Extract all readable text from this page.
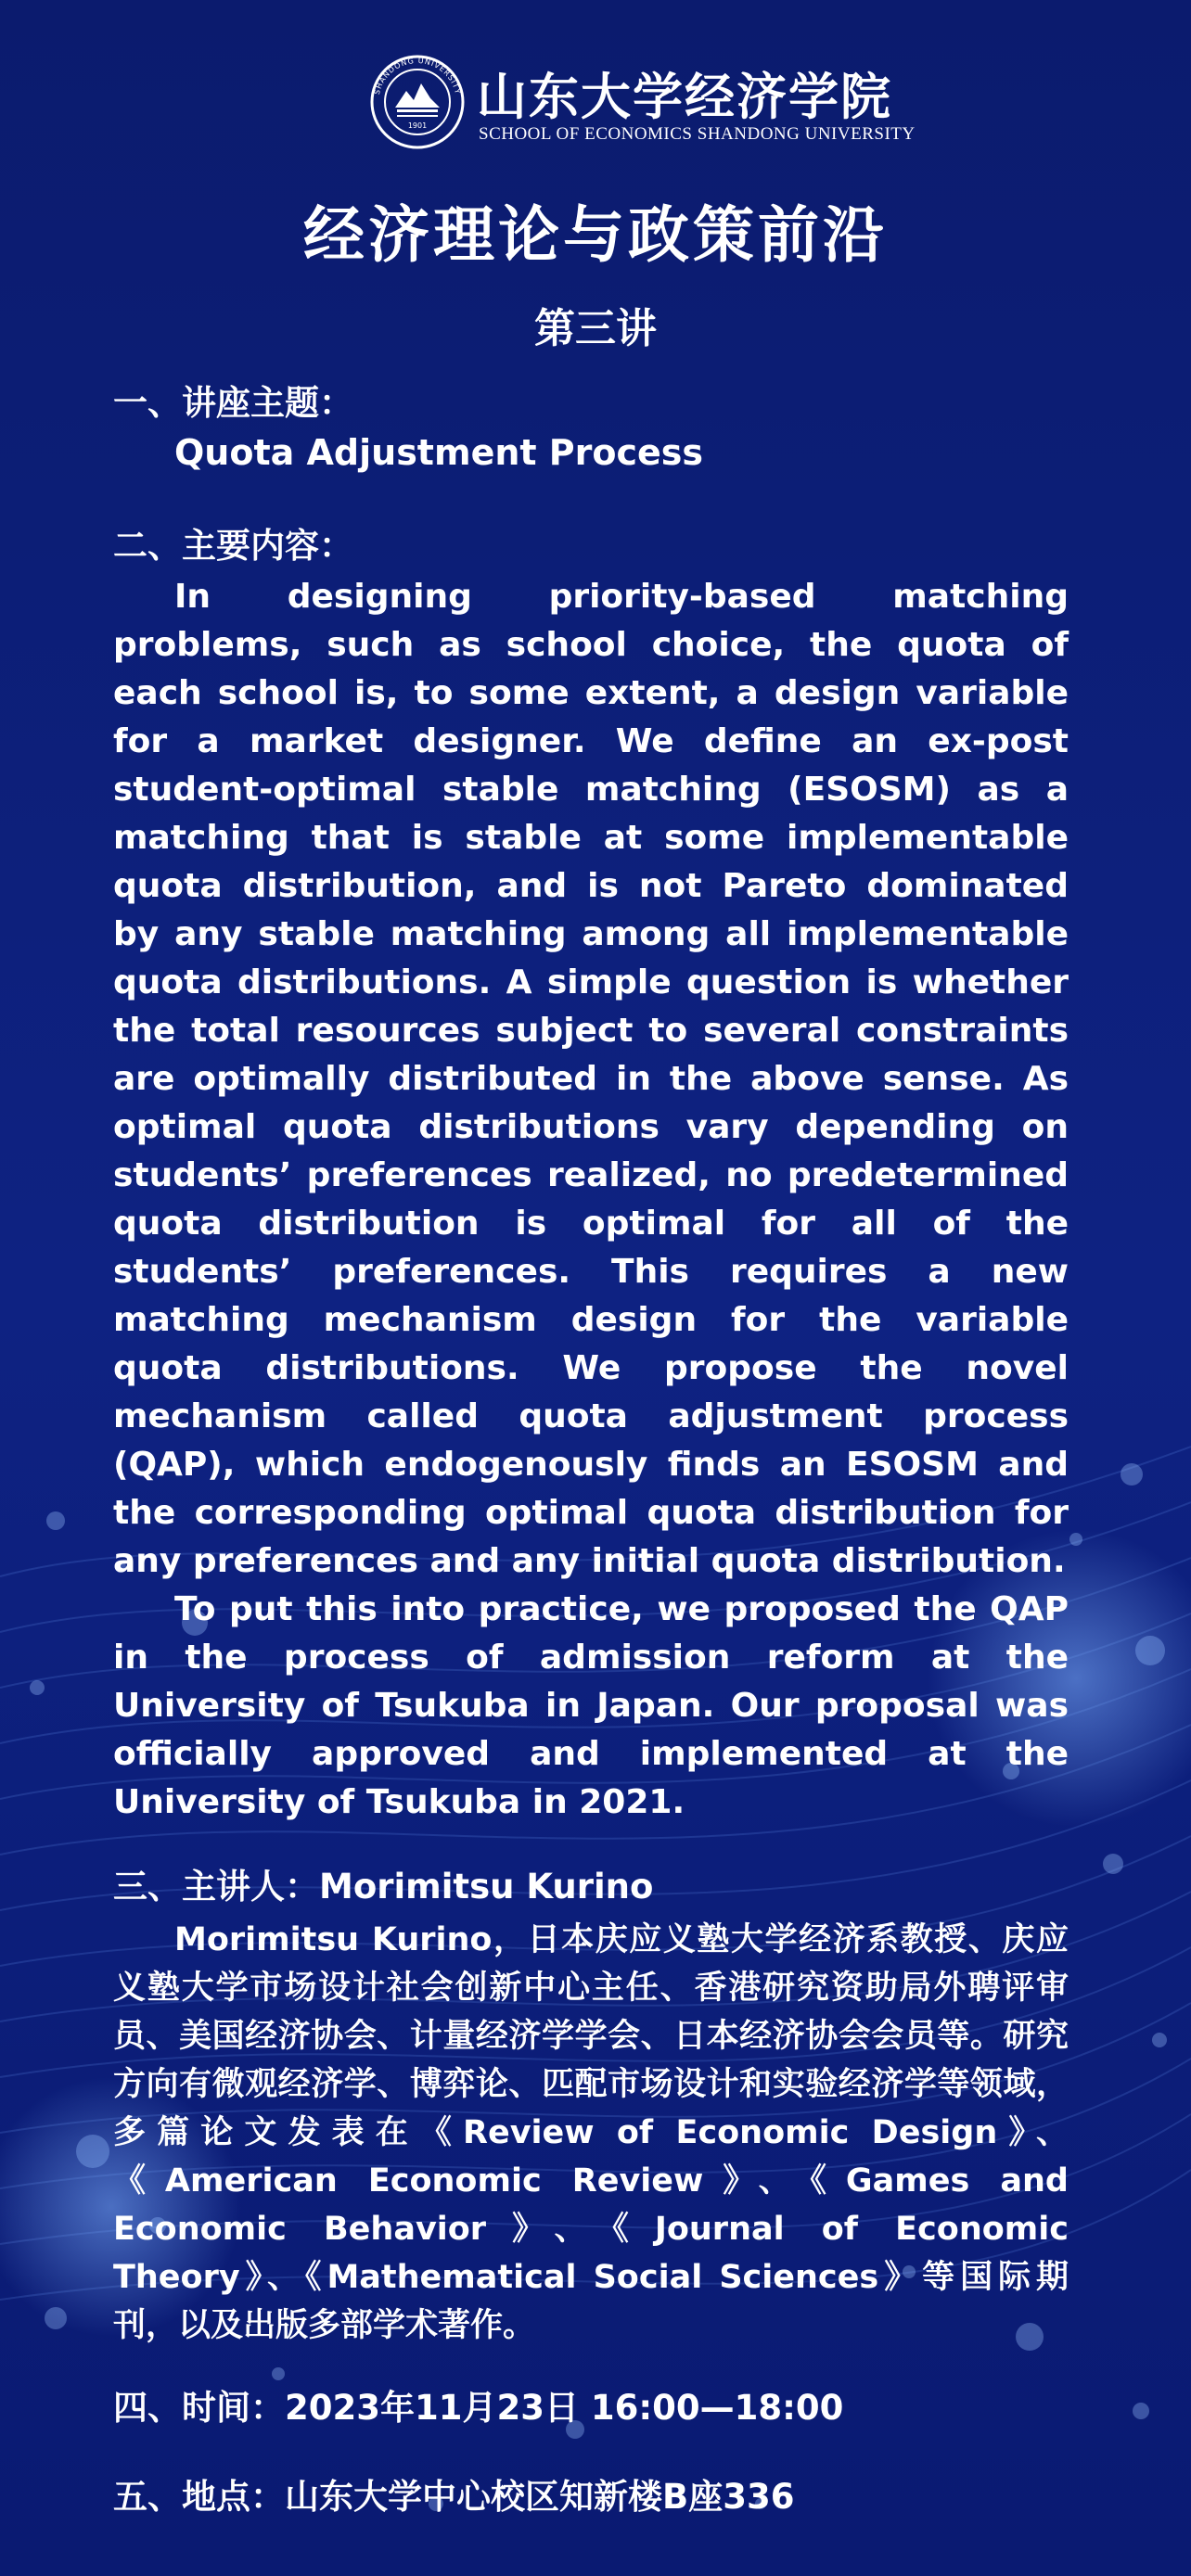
1901
SHANDONG UNIVERSITY 山东大学经济学院
SCHOOL OF ECONOMICS SHANDONG UNIVERSITY
经济理论与政策前沿
第三讲
一、讲座主题：
Quota Adjustment Process
二、主要内容：

In designing priority-based matching problems, such as school choice, the quota of each school is, to some extent, a design variable for a market designer. We define an ex-post student-optimal stable matching (ESOSM) as a matching that is stable at some implementable quota distribution, and is not Pareto dominated by any stable matching among all implementable quota distributions. A simple question is whether the total resources subject to several constraints are optimally distributed in the above sense. As optimal quota distributions vary depending on students’ preferences realized, no predetermined quota distribution is optimal for all of the students’ preferences. This requires a new matching mechanism design for the variable quota distributions. We propose the novel mechanism called quota adjustment process (QAP), which endogenously finds an ESOSM and the corresponding optimal quota distribution for any preferences and any initial quota distribution.

To put this into practice, we proposed the QAP in the process of admission reform at the University of Tsukuba in Japan. Our proposal was officially approved and implemented at the University of Tsukuba in 2021.

三、主讲人：Morimitsu Kurino

Morimitsu Kurino，日本庆应义塾大学经济系教授、庆应义塾大学市场设计社会创新中心主任、香港研究资助局外聘评审员、美国经济协会、计量经济学学会、日本经济协会会员等。研究方向有微观经济学、博弈论、匹配市场设计和实验经济学等领域，多篇论文发表在《Review of Economic Design》、《American Economic Review》、《Games and Economic Behavior》、《Journal of Economic Theory》、《Mathematical Social Sciences》等国际期刊，以及出版多部学术著作。

四、时间：2023年11月23日 16:00—18:00
五、地点：山东大学中心校区知新楼B座336
